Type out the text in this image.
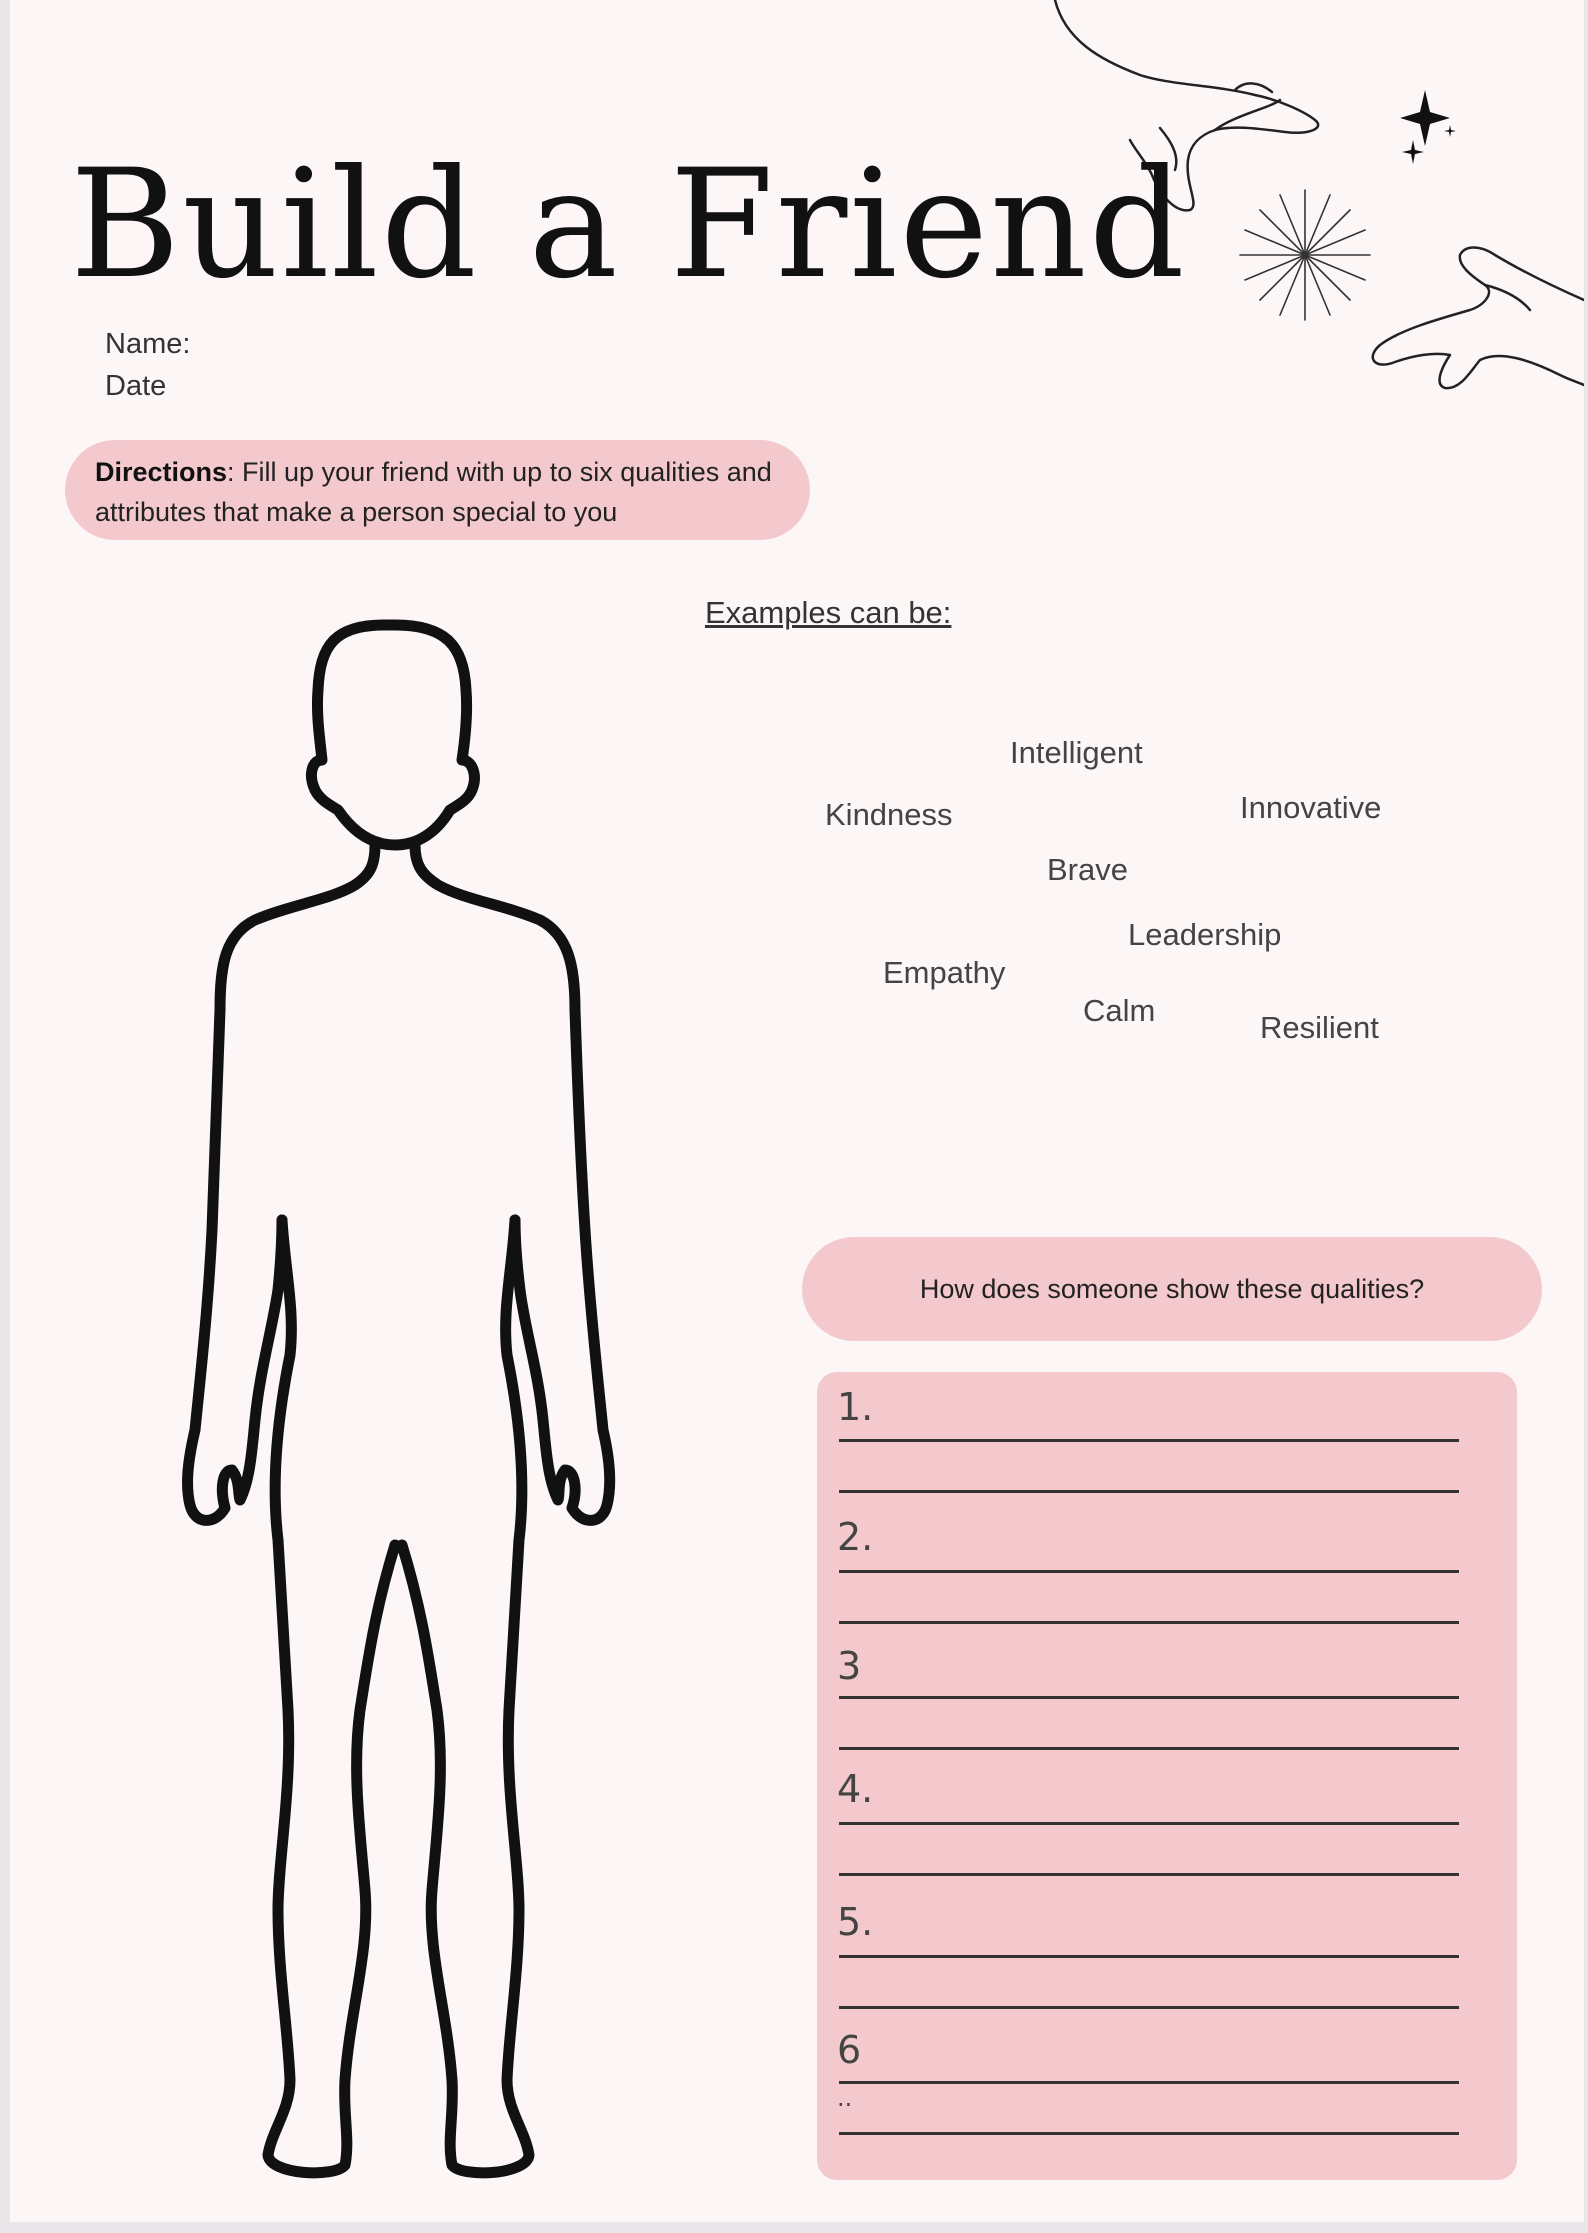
Build a Friend
Name:
Date
Directions: Fill up your friend with up to six qualities and attributes that make a person special to you
Examples can be:
Intelligent
Kindness	Innovative
Brave
Leadership
Empathy
Calm	Resilient
How does someone show these qualities?
1.
2.
3
4.
5.
6
..
